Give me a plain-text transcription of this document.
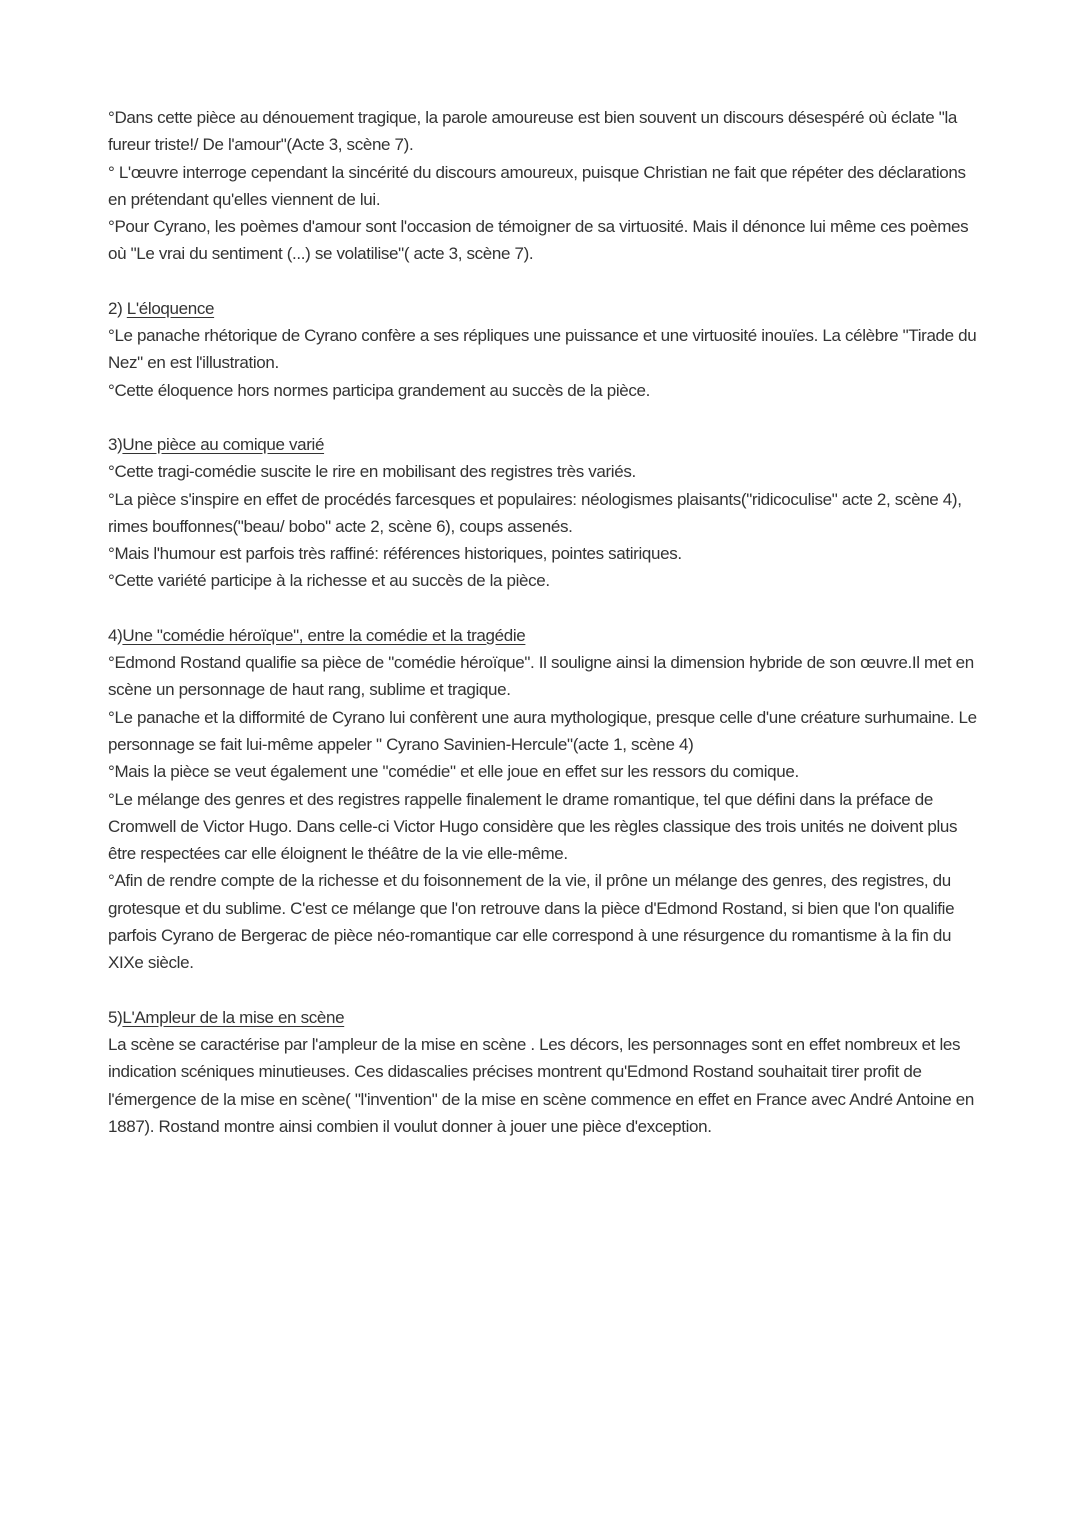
°Dans cette pièce au dénouement tragique, la parole amoureuse est bien souvent un discours désespéré où éclate "la fureur triste!/ De l'amour"(Acte 3, scène 7).

° L'œuvre interroge cependant la sincérité du discours amoureux, puisque Christian ne fait que répéter des déclarations en prétendant qu'elles viennent de lui.

°Pour Cyrano, les poèmes d'amour sont l'occasion de témoigner de sa virtuosité. Mais il dénonce lui même ces poèmes où "Le vrai du sentiment (...) se volatilise"( acte 3, scène 7).

2) L'éloquence

°Le panache rhétorique de Cyrano confère a ses répliques une puissance et une virtuosité inouïes. La célèbre "Tirade du Nez" en est l'illustration.

°Cette éloquence hors normes participa grandement au succès de la pièce.

3)Une pièce au comique varié

°Cette tragi-comédie suscite le rire en mobilisant des registres très variés.

°La pièce s'inspire en effet de procédés farcesques et populaires: néologismes plaisants("ridicoculise" acte 2, scène 4), rimes bouffonnes("beau/ bobo" acte 2, scène 6), coups assenés.

°Mais l'humour est parfois très raffiné: références historiques, pointes satiriques.

°Cette variété participe à la richesse et au succès de la pièce.

4)Une "comédie héroïque", entre la comédie et la tragédie

°Edmond Rostand qualifie sa pièce de "comédie héroïque". Il souligne ainsi la dimension hybride de son œuvre.Il met en scène un personnage de haut rang, sublime et tragique.

°Le panache et la difformité de Cyrano lui confèrent une aura mythologique, presque celle d'une créature surhumaine. Le personnage se fait lui-même appeler " Cyrano Savinien-Hercule"(acte 1, scène 4)

°Mais la pièce se veut également une "comédie" et elle joue en effet sur les ressors du comique.

°Le mélange des genres et des registres rappelle finalement le drame romantique, tel que défini dans la préface de Cromwell de Victor Hugo. Dans celle-ci Victor Hugo considère que les règles classique des trois unités ne doivent plus être respectées car elle éloignent le théâtre de la vie elle-même.

°Afin de rendre compte de la richesse et du foisonnement de la vie, il prône un mélange des genres, des registres, du grotesque et du sublime. C'est ce mélange que l'on retrouve dans la pièce d'Edmond Rostand, si bien que l'on qualifie parfois Cyrano de Bergerac de pièce néo-romantique car elle correspond à une résurgence du romantisme à la fin du XIXe siècle.

5)L'Ampleur de la mise en scène

La scène se caractérise par l'ampleur de la mise en scène . Les décors, les personnages sont en effet nombreux et les indication scéniques minutieuses. Ces didascalies précises montrent qu'Edmond Rostand souhaitait tirer profit de l'émergence de la mise en scène( "l'invention" de la mise en scène commence en effet en France avec André Antoine en 1887). Rostand montre ainsi combien il voulut donner à jouer une pièce d'exception.
